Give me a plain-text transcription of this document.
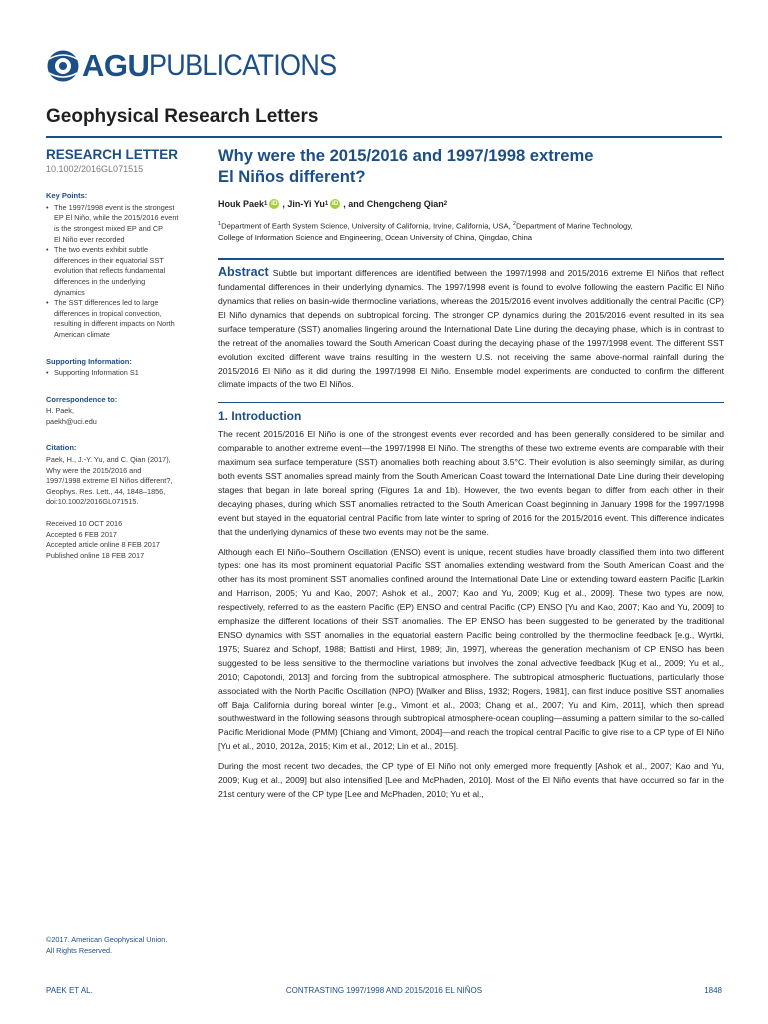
AGU PUBLICATIONS
Geophysical Research Letters
RESEARCH LETTER
10.1002/2016GL071515
Key Points:
• The 1997/1998 event is the strongest
EP El Niño, while the 2015/2016 event
is the strongest mixed EP and CP
El Niño ever recorded
• The two events exhibit subtle
differences in their equatorial SST
evolution that reflects fundamental
differences in the underlying
dynamics
• The SST differences led to large
differences in tropical convection,
resulting in different impacts on North
American climate
Supporting Information:
• Supporting Information S1
Correspondence to:
H. Paek,
paekh@uci.edu
Citation:
Paek, H., J.-Y. Yu, and C. Qian (2017),
Why were the 2015/2016 and
1997/1998 extreme El Niños different?,
Geophys. Res. Lett., 44, 1848–1856,
doi:10.1002/2016GL071515.
Received 10 OCT 2016
Accepted 6 FEB 2017
Accepted article online 8 FEB 2017
Published online 18 FEB 2017
©2017. American Geophysical Union.
All Rights Reserved.
Why were the 2015/2016 and 1997/1998 extreme
El Niños different?
Houk Paek 1 iD , Jin-Yi Yu 1 iD , and Chengcheng Qian 2
$^1$Department of Earth System Science, University of California, Irvine, California, USA, $^2$Department of Marine Technology,
College of Information Science and Engineering, Ocean University of China, Qingdao, China
Abstract Subtle but important differences are identified between the 1997/1998 and 2015/2016 extreme El Niños that reflect fundamental differences in their underlying dynamics. The 1997/1998 event is found to evolve following the eastern Pacific El Niño dynamics that relies on basin-wide thermocline variations, whereas the 2015/2016 event involves additionally the central Pacific (CP) El Niño dynamics that depends on subtropical forcing. The stronger CP dynamics during the 2015/2016 event resulted in its sea surface temperature (SST) anomalies lingering around the International Date Line during the decaying phase, which is in contrast to the retreat of the anomalies toward the South American Coast during the decaying phase of the 1997/1998 event. The different SST evolution excited different wave trains resulting in the western U.S. not receiving the same above-normal rainfall during the 2015/2016 El Niño as it did during the 1997/1998 El Niño. Ensemble model experiments are conducted to confirm the different climate impacts of the two El Niños.
1. Introduction

The recent 2015/2016 El Niño is one of the strongest events ever recorded and has been generally considered to be similar and comparable to another extreme event—the 1997/1998 El Niño. The strengths of these two extreme events are comparable with their maximum sea surface temperature (SST) anomalies both reaching about 3.5°C. Their evolution is also seemingly similar, as during both events SST anomalies spread mainly from the South American Coast toward the International Date Line during their developing stages that began in late boreal spring (Figures 1a and 1b). However, the two events began to differ from each other in their decaying phases, during which SST anomalies retracted to the South American Coast beginning in January 1998 for the 1997/1998 event but stayed in the equatorial central Pacific from late winter to spring of 2016 for the 2015/2016 event. This difference indicates that the underlying dynamics of these two events may not be the same.

Although each El Niño–Southern Oscillation (ENSO) event is unique, recent studies have broadly classified them into two different types: one has its most prominent equatorial Pacific SST anomalies extending westward from the South American Coast and the other has its most prominent SST anomalies confined around the International Date Line or extending toward eastern Pacific [Larkin and Harrison, 2005; Yu and Kao, 2007; Ashok et al., 2007; Kao and Yu, 2009; Kug et al., 2009]. These two types are now, respectively, referred to as the eastern Pacific (EP) ENSO and central Pacific (CP) ENSO [Yu and Kao, 2007; Kao and Yu, 2009] to emphasize the different locations of their SST anomalies. The EP ENSO has been suggested to be generated by the traditional ENSO dynamics with SST anomalies in the equatorial eastern Pacific being controlled by the thermocline feedback [e.g., Wyrtki, 1975; Suarez and Schopf, 1988; Battisti and Hirst, 1989; Jin, 1997], whereas the generation mechanism of CP ENSO has been suggested to be less sensitive to the thermocline variations but involves the zonal advective feedback [Kug et al., 2009; Yu et al., 2010; Capotondi, 2013] and forcing from the subtropical atmosphere. The subtropical atmospheric fluctuations, particularly those associated with the North Pacific Oscillation (NPO) [Walker and Bliss, 1932; Rogers, 1981], can first induce positive SST anomalies off Baja California during boreal winter [e.g., Vimont et al., 2003; Chang et al., 2007; Yu and Kim, 2011], which then spread southwestward in the following seasons through subtropical atmosphere-ocean coupling—assuming a pattern similar to the so-called Pacific Meridional Mode (PMM) [Chiang and Vimont, 2004]—and reach the tropical central Pacific to give rise to a CP type of El Niño [Yu et al., 2010, 2012a, 2015; Kim et al., 2012; Lin et al., 2015].

During the most recent two decades, the CP type of El Niño not only emerged more frequently [Ashok et al., 2007; Kao and Yu, 2009; Kug et al., 2009] but also intensified [Lee and McPhaden, 2010]. Most of the El Niño events that have occurred so far in the 21st century were of the CP type [Lee and McPhaden, 2010; Yu et al.,

PAEK ET AL.	CONTRASTING 1997/1998 AND 2015/2016 EL NIÑOS	1848
